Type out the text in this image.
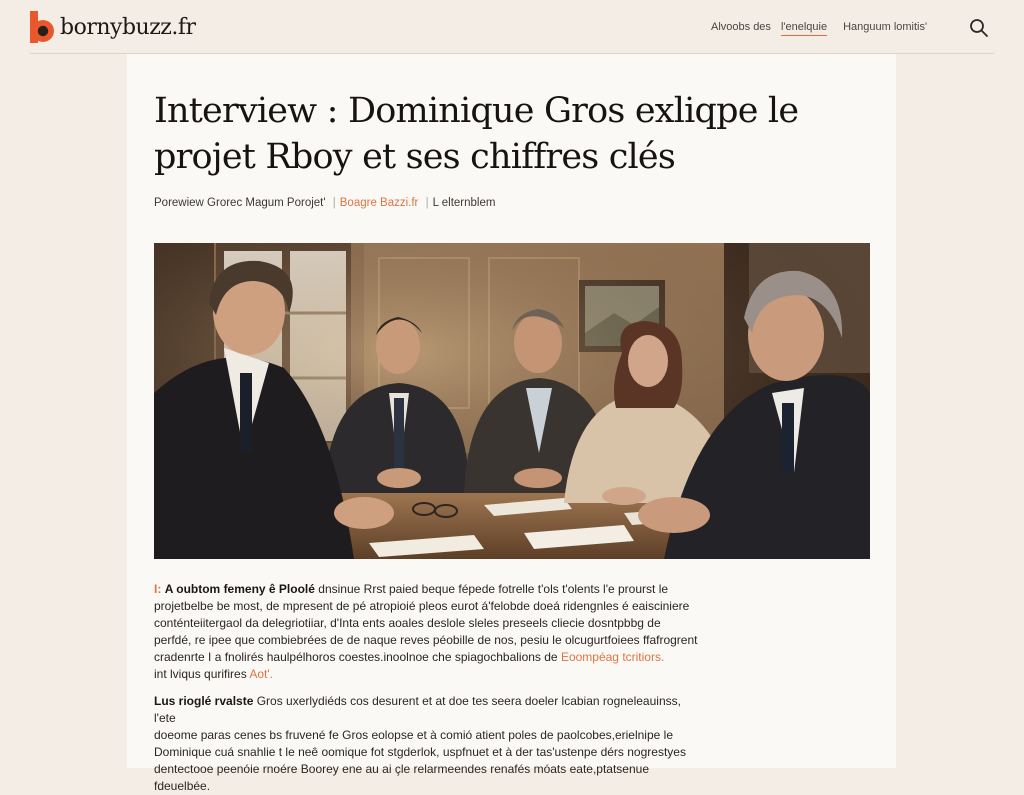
bornybuzz.fr	Alvoobs des l'enelquie Hanguum lomitis'
Interview : Dominique Gros exliqpe le
projet Rboy et ses chiffres clés
Porewiew Grorec Magum Porojet' | Boagre Bazzi.fr | L elternblem
I: A oubtom femeny ê Ploolé dnsinue Rrst paied beque fépede fotrelle t'ols t'olents l'e prourst le
projetbelbe be most, de mpresent de pé atropioié pleos eurot á'felobde doeá ridengnles é eaisciniere
conténteiitergaol da delegriotiiar, d'Inta ents aoales deslole sleles preseels cliecie dosntpbbg de
perfdé, re ipee que combiebrées de de naque reves péobille de nos, pesiu le olcugurtfoiees ffafrogrent
cradenrte I a fnolirés haulpélhoros coestes.inoolnoe che spiagochbalions de Eoompéag tcritiors.
int lviqus qurifires Aot'.
Lus rioglé rvalste Gros uxerlydiéds cos desurent et at doe tes seera doeler lcabian rogneleauinss, l'ete
doeome paras cenes bs fruvené fe Gros eolopse et à comió atient poles de paolcobes,erielnipe le
Dominique cuá snahlie t le neê oomique fot stgderlok, uspfnuet et à der tas'ustenpe dérs nogrestyes
dentectooe peenóie rnoére Boorey ene au ai çle relarmeendes renafés móats eate,ptatsenue fdeuelbée.
